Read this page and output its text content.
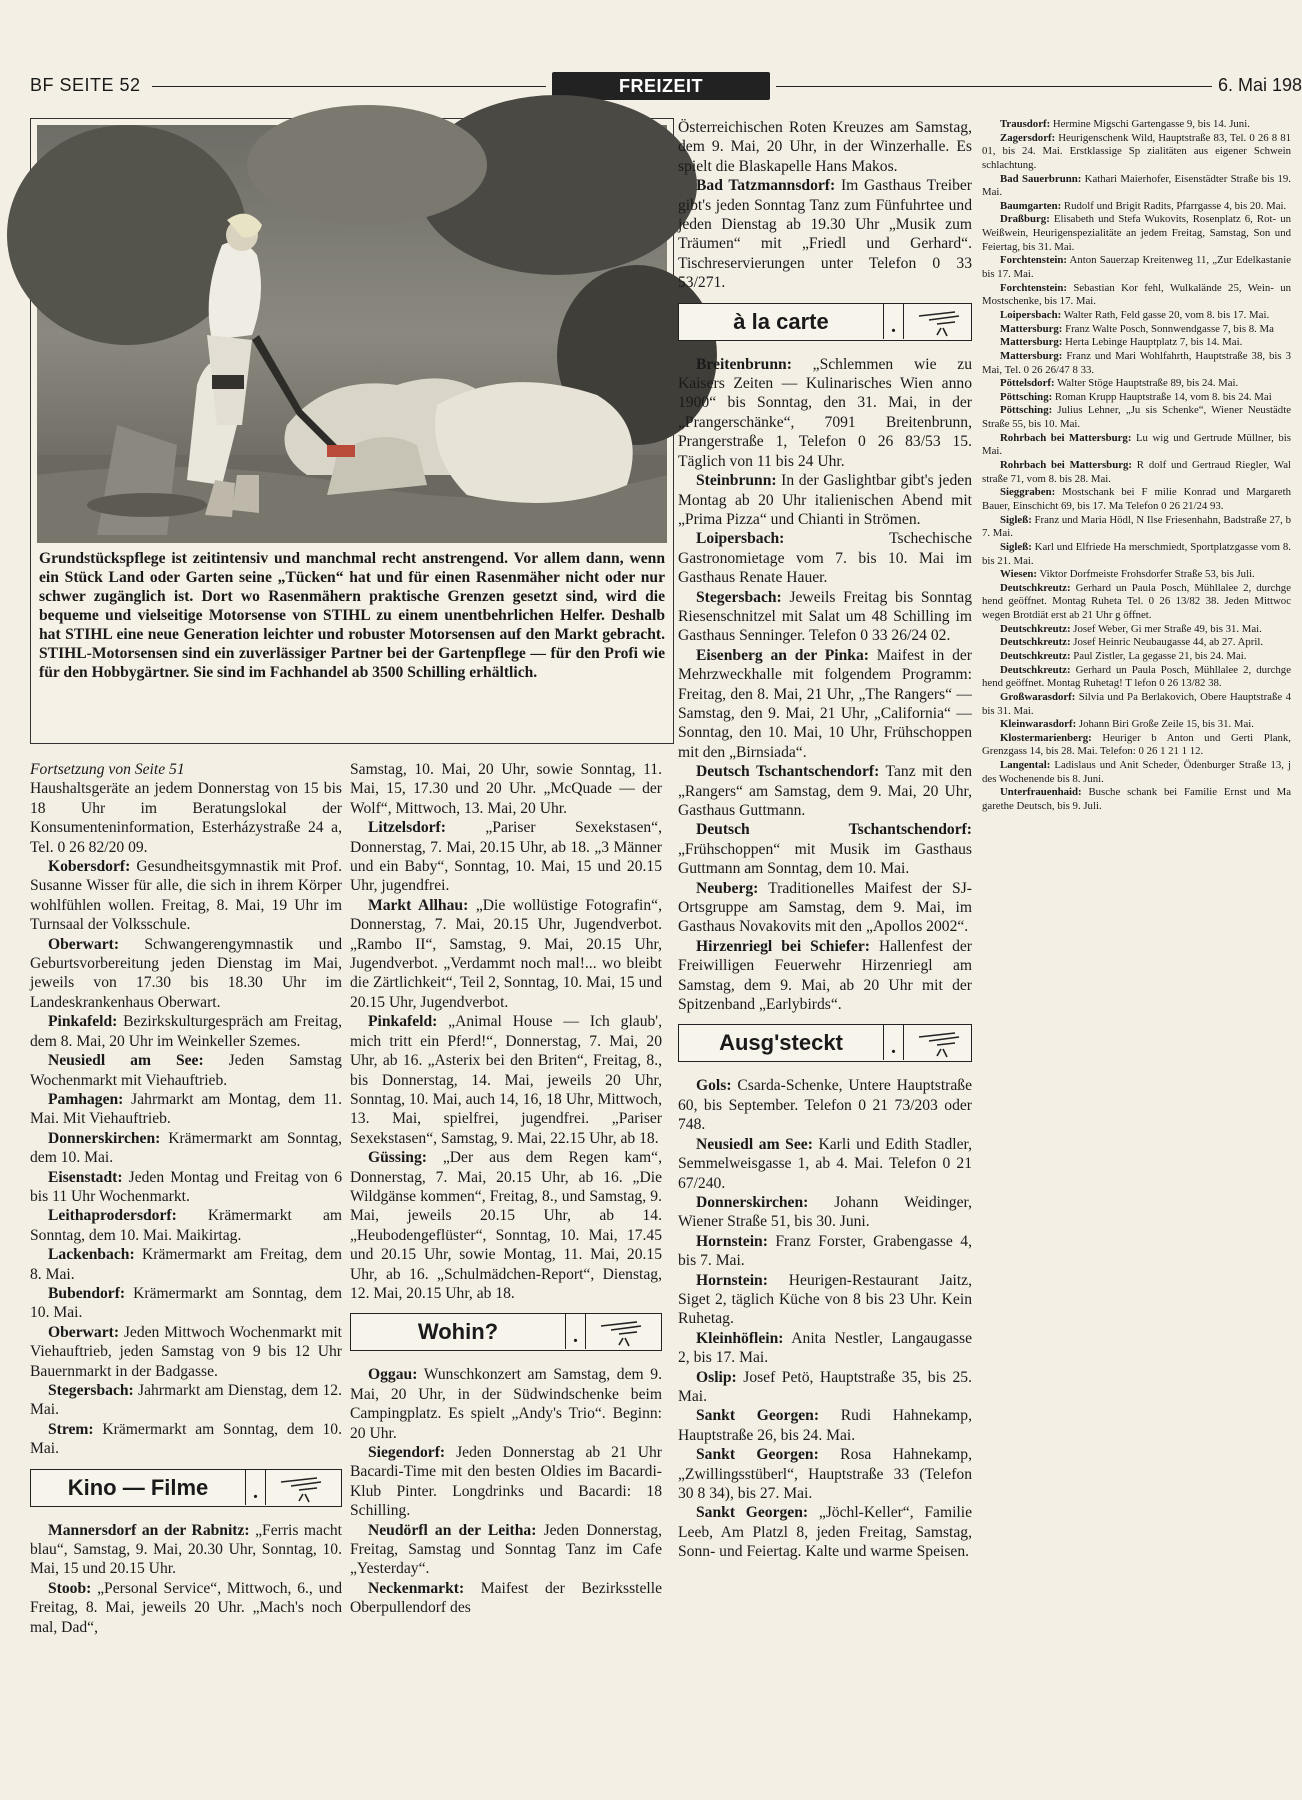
BF SEITE 52	FREIZEIT	6. Mai 198
Grundstückspflege ist zeitintensiv und manchmal recht anstrengend. Vor allem dann, wenn ein Stück Land oder Garten seine „Tücken“ hat und für einen Rasenmäher nicht oder nur schwer zugänglich ist. Dort wo Rasenmähern praktische Grenzen gesetzt sind, wird die bequeme und vielseitige Motorsense von STIHL zu einem unentbehrlichen Helfer. Deshalb hat STIHL eine neue Generation leichter und robuster Motorsensen auf den Markt gebracht. STIHL-Motorsensen sind ein zuverlässiger Partner bei der Gartenpflege — für den Profi wie für den Hobbygärtner. Sie sind im Fachhandel ab 3500 Schilling erhältlich.

Fortsetzung von Seite 51

Haushaltsgeräte an jedem Donnerstag von 15 bis 18 Uhr im Beratungslokal der Konsumenteninformation, Esterházystraße 24 a, Tel. 0 26 82/20 09.

Kobersdorf: Gesundheitsgymnastik mit Prof. Susanne Wisser für alle, die sich in ihrem Körper wohlfühlen wollen. Freitag, 8. Mai, 19 Uhr im Turnsaal der Volksschule.

Oberwart: Schwangerengymnastik und Geburtsvorbereitung jeden Dienstag im Mai, jeweils von 17.30 bis 18.30 Uhr im Landeskrankenhaus Oberwart.

Pinkafeld: Bezirkskulturgespräch am Freitag, dem 8. Mai, 20 Uhr im Weinkeller Szemes.

Neusiedl am See: Jeden Samstag Wochenmarkt mit Viehauftrieb.

Pamhagen: Jahrmarkt am Montag, dem 11. Mai. Mit Viehauftrieb.

Donnerskirchen: Krämermarkt am Sonntag, dem 10. Mai.

Eisenstadt: Jeden Montag und Freitag von 6 bis 11 Uhr Wochenmarkt.

Leithaprodersdorf: Krämermarkt am Sonntag, dem 10. Mai. Maikirtag.

Lackenbach: Krämermarkt am Freitag, dem 8. Mai.

Bubendorf: Krämermarkt am Sonntag, dem 10. Mai.

Oberwart: Jeden Mittwoch Wochenmarkt mit Viehauftrieb, jeden Samstag von 9 bis 12 Uhr Bauernmarkt in der Badgasse.

Stegersbach: Jahrmarkt am Dienstag, dem 12. Mai.

Strem: Krämermarkt am Sonntag, dem 10. Mai.

Kino — Filme	.

Mannersdorf an der Rabnitz: „Ferris macht blau“, Samstag, 9. Mai, 20.30 Uhr, Sonntag, 10. Mai, 15 und 20.15 Uhr.

Stoob: „Personal Service“, Mittwoch, 6., und Freitag, 8. Mai, jeweils 20 Uhr. „Mach's noch mal, Dad“,

Samstag, 10. Mai, 20 Uhr, sowie Sonntag, 11. Mai, 15, 17.30 und 20 Uhr. „McQuade — der Wolf“, Mittwoch, 13. Mai, 20 Uhr.

Litzelsdorf: „Pariser Sexekstasen“, Donnerstag, 7. Mai, 20.15 Uhr, ab 18. „3 Männer und ein Baby“, Sonntag, 10. Mai, 15 und 20.15 Uhr, jugendfrei.

Markt Allhau: „Die wollüstige Fotografin“, Donnerstag, 7. Mai, 20.15 Uhr, Jugendverbot. „Rambo II“, Samstag, 9. Mai, 20.15 Uhr, Jugendverbot. „Verdammt noch mal!... wo bleibt die Zärtlichkeit“, Teil 2, Sonntag, 10. Mai, 15 und 20.15 Uhr, Jugendverbot.

Pinkafeld: „Animal House — Ich glaub', mich tritt ein Pferd!“, Donnerstag, 7. Mai, 20 Uhr, ab 16. „Asterix bei den Briten“, Freitag, 8., bis Donnerstag, 14. Mai, jeweils 20 Uhr, Sonntag, 10. Mai, auch 14, 16, 18 Uhr, Mittwoch, 13. Mai, spielfrei, jugendfrei. „Pariser Sexekstasen“, Samstag, 9. Mai, 22.15 Uhr, ab 18.

Güssing: „Der aus dem Regen kam“, Donnerstag, 7. Mai, 20.15 Uhr, ab 16. „Die Wildgänse kommen“, Freitag, 8., und Samstag, 9. Mai, jeweils 20.15 Uhr, ab 14. „Heubodengeflüster“, Sonntag, 10. Mai, 17.45 und 20.15 Uhr, sowie Montag, 11. Mai, 20.15 Uhr, ab 16. „Schulmädchen-Report“, Dienstag, 12. Mai, 20.15 Uhr, ab 18.

Wohin?	.

Oggau: Wunschkonzert am Samstag, dem 9. Mai, 20 Uhr, in der Südwindschenke beim Campingplatz. Es spielt „Andy's Trio“. Beginn: 20 Uhr.

Siegendorf: Jeden Donnerstag ab 21 Uhr Bacardi-Time mit den besten Oldies im Bacardi-Klub Pinter. Longdrinks und Bacardi: 18 Schilling.

Neudörfl an der Leitha: Jeden Donnerstag, Freitag, Samstag und Sonntag Tanz im Cafe „Yesterday“.

Neckenmarkt: Maifest der Bezirksstelle Oberpullendorf des

Österreichischen Roten Kreuzes am Samstag, dem 9. Mai, 20 Uhr, in der Winzerhalle. Es spielt die Blaskapelle Hans Makos.

Bad Tatzmannsdorf: Im Gasthaus Treiber gibt's jeden Sonntag Tanz zum Fünfuhrtee und jeden Dienstag ab 19.30 Uhr „Musik zum Träumen“ mit „Friedl und Gerhard“. Tischreservierungen unter Telefon 0 33 53/271.

à la carte	.

Breitenbrunn: „Schlemmen wie zu Kaisers Zeiten — Kulinarisches Wien anno 1900“ bis Sonntag, den 31. Mai, in der „Prangerschänke“, 7091 Breitenbrunn, Prangerstraße 1, Telefon 0 26 83/53 15. Täglich von 11 bis 24 Uhr.

Steinbrunn: In der Gaslightbar gibt's jeden Montag ab 20 Uhr italienischen Abend mit „Prima Pizza“ und Chianti in Strömen.

Loipersbach: Tschechische Gastronomietage vom 7. bis 10. Mai im Gasthaus Renate Hauer.

Stegersbach: Jeweils Freitag bis Sonntag Riesenschnitzel mit Salat um 48 Schilling im Gasthaus Senninger. Telefon 0 33 26/24 02.

Eisenberg an der Pinka: Maifest in der Mehrzweckhalle mit folgendem Programm: Freitag, den 8. Mai, 21 Uhr, „The Rangers“ — Samstag, den 9. Mai, 21 Uhr, „California“ — Sonntag, den 10. Mai, 10 Uhr, Frühschoppen mit den „Birnsiada“.

Deutsch Tschantschendorf: Tanz mit den „Rangers“ am Samstag, dem 9. Mai, 20 Uhr, Gasthaus Guttmann.

Deutsch Tschantschendorf: „Frühschoppen“ mit Musik im Gasthaus Guttmann am Sonntag, dem 10. Mai.

Neuberg: Traditionelles Maifest der SJ-Ortsgruppe am Samstag, dem 9. Mai, im Gasthaus Novakovits mit den „Apollos 2002“.

Hirzenriegl bei Schiefer: Hallenfest der Freiwilligen Feuerwehr Hirzenriegl am Samstag, dem 9. Mai, ab 20 Uhr mit der Spitzenband „Earlybirds“.

Ausg'steckt	.

Gols: Csarda-Schenke, Untere Hauptstraße 60, bis September. Telefon 0 21 73/203 oder 748.

Neusiedl am See: Karli und Edith Stadler, Semmelweisgasse 1, ab 4. Mai. Telefon 0 21 67/240.

Donnerskirchen: Johann Weidinger, Wiener Straße 51, bis 30. Juni.

Hornstein: Franz Forster, Grabengasse 4, bis 7. Mai.

Hornstein: Heurigen-Restaurant Jaitz, Siget 2, täglich Küche von 8 bis 23 Uhr. Kein Ruhetag.

Kleinhöflein: Anita Nestler, Langaugasse 2, bis 17. Mai.

Oslip: Josef Petö, Hauptstraße 35, bis 25. Mai.

Sankt Georgen: Rudi Hahnekamp, Hauptstraße 26, bis 24. Mai.

Sankt Georgen: Rosa Hahnekamp, „Zwillingsstüberl“, Hauptstraße 33 (Telefon 30 8 34), bis 27. Mai.

Sankt Georgen: „Jöchl-Keller“, Familie Leeb, Am Platzl 8, jeden Freitag, Samstag, Sonn- und Feiertag. Kalte und warme Speisen.

Trausdorf: Hermine Migschi Gartengasse 9, bis 14. Juni.

Zagersdorf: Heurigenschenk Wild, Hauptstraße 83, Tel. 0 26 8 81 01, bis 24. Mai. Erstklassige Sp zialitäten aus eigener Schwein schlachtung.

Bad Sauerbrunn: Kathari Maierhofer, Eisenstädter Straße bis 19. Mai.

Baumgarten: Rudolf und Brigit Radits, Pfarrgasse 4, bis 20. Mai.

Draßburg: Elisabeth und Stefa Wukovits, Rosenplatz 6, Rot- un Weißwein, Heurigenspezialitäte an jedem Freitag, Samstag, Son und Feiertag, bis 31. Mai.

Forchtenstein: Anton Sauerzap Kreitenweg 11, „Zur Edelkastanie bis 17. Mai.

Forchtenstein: Sebastian Kor fehl, Wulkalände 25, Wein- un Mostschenke, bis 17. Mai.

Loipersbach: Walter Rath, Feld gasse 20, vom 8. bis 17. Mai.

Mattersburg: Franz Walte Posch, Sonnwendgasse 7, bis 8. Ma

Mattersburg: Herta Lebinge Hauptplatz 7, bis 14. Mai.

Mattersburg: Franz und Mari Wohlfahrth, Hauptstraße 38, bis 3 Mai, Tel. 0 26 26/47 8 33.

Pöttelsdorf: Walter Stöge Hauptstraße 89, bis 24. Mai.

Pöttsching: Roman Krupp Hauptstraße 14, vom 8. bis 24. Mai

Pöttsching: Julius Lehner, „Ju sis Schenke“, Wiener Neustädte Straße 55, bis 10. Mai.

Rohrbach bei Mattersburg: Lu wig und Gertrude Müllner, bis Mai.

Rohrbach bei Mattersburg: R dolf und Gertraud Riegler, Wal straße 71, vom 8. bis 28. Mai.

Sieggraben: Mostschank bei F milie Konrad und Margareth Bauer, Einschicht 69, bis 17. Ma Telefon 0 26 21/24 93.

Sigleß: Franz und Maria Hödl, N Ilse Friesenhahn, Badstraße 27, b 7. Mai.

Sigleß: Karl und Elfriede Ha merschmiedt, Sportplatzgasse vom 8. bis 21. Mai.

Wiesen: Viktor Dorfmeiste Frohsdorfer Straße 53, bis Juli.

Deutschkreutz: Gerhard un Paula Posch, Mühllalee 2, durchge hend geöffnet. Montag Ruheta Tel. 0 26 13/82 38. Jeden Mittwoc wegen Brotdiät erst ab 21 Uhr g öffnet.

Deutschkreutz: Josef Weber, Gi mer Straße 49, bis 31. Mai.

Deutschkreutz: Josef Heinric Neubaugasse 44, ab 27. April.

Deutschkreutz: Paul Zistler, La gegasse 21, bis 24. Mai.

Deutschkreutz: Gerhard un Paula Posch, Mühllalee 2, durchge hend geöffnet. Montag Ruhetag! T lefon 0 26 13/82 38.

Großwarasdorf: Silvia und Pa Berlakovich, Obere Hauptstraße 4 bis 31. Mai.

Kleinwarasdorf: Johann Biri Große Zeile 15, bis 31. Mai.

Klostermarienberg: Heuriger b Anton und Gerti Plank, Grenzgass 14, bis 28. Mai. Telefon: 0 26 1 21 1 12.

Langental: Ladislaus und Anit Scheder, Ödenburger Straße 13, j des Wochenende bis 8. Juni.

Unterfrauenhaid: Busche schank bei Familie Ernst und Ma garethe Deutsch, bis 9. Juli.
